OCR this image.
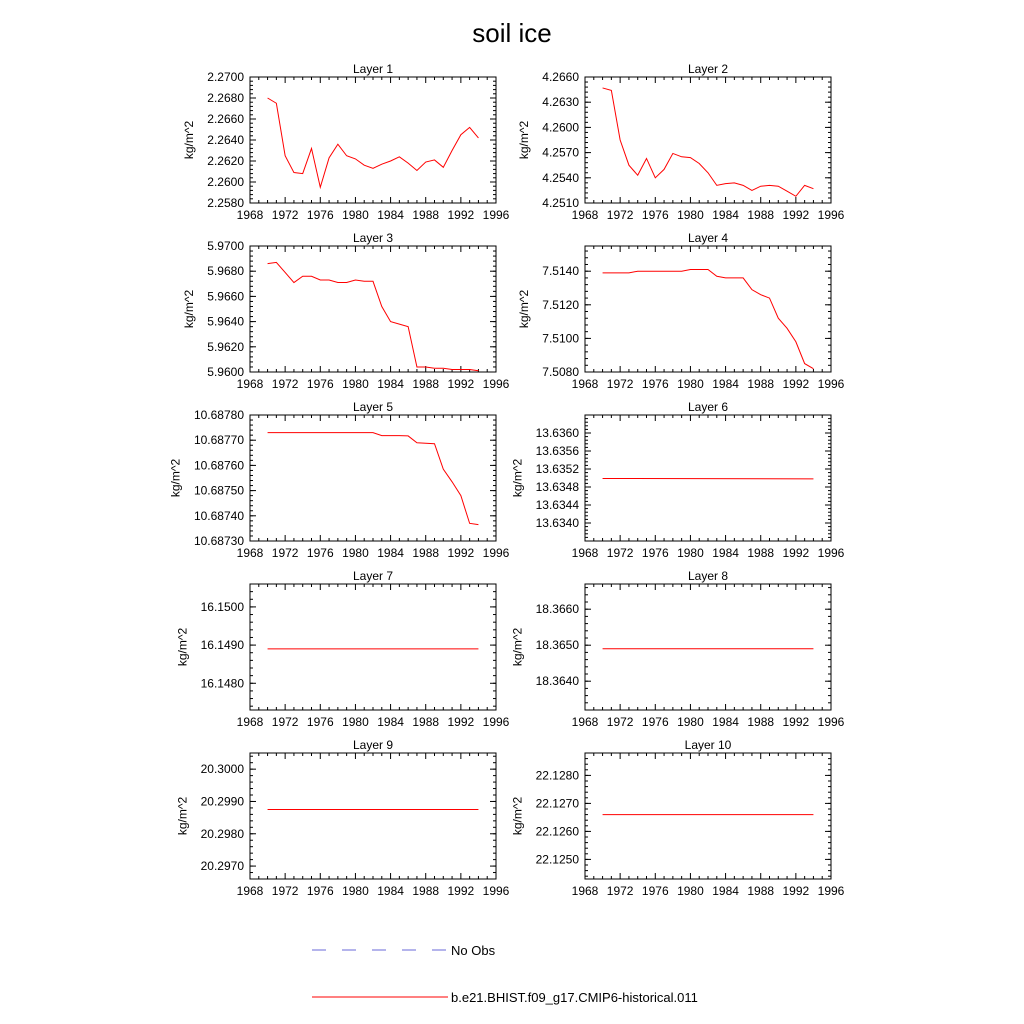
soil ice
Layer 1
1968 1972 1976 1980 1984 1988 1992 1996
2.2580
2.2600
2.2620
2.2640
2.2660
2.2680
2.2700
kg/m^2
Layer 2
1968 1972 1976 1980 1984 1988 1992 1996
4.2510
4.2540
4.2570
4.2600
4.2630
4.2660
kg/m^2
Layer 3
1968 1972 1976 1980 1984 1988 1992 1996
5.9600
5.9620
5.9640
5.9660
5.9680
5.9700
kg/m^2
Layer 4
1968 1972 1976 1980 1984 1988 1992 1996
7.5080
7.5100
7.5120
7.5140
kg/m^2
Layer 5
1968 1972 1976 1980 1984 1988 1992 1996
10.68730
10.68740
10.68750
10.68760
10.68770
10.68780
kg/m^2
Layer 6
1968 1972 1976 1980 1984 1988 1992 1996
13.6340
13.6344
13.6348
13.6352
13.6356
13.6360
kg/m^2
Layer 7
1968 1972 1976 1980 1984 1988 1992 1996
16.1480
16.1490
16.1500
kg/m^2
Layer 8
1968 1972 1976 1980 1984 1988 1992 1996
18.3640
18.3650
18.3660
kg/m^2
Layer 9
1968 1972 1976 1980 1984 1988 1992 1996
20.2970
20.2980
20.2990
20.3000
kg/m^2
Layer 10
1968 1972 1976 1980 1984 1988 1992 1996
22.1250
22.1260
22.1270
22.1280
kg/m^2
No Obs
b.e21.BHIST.f09_g17.CMIP6-historical.011
